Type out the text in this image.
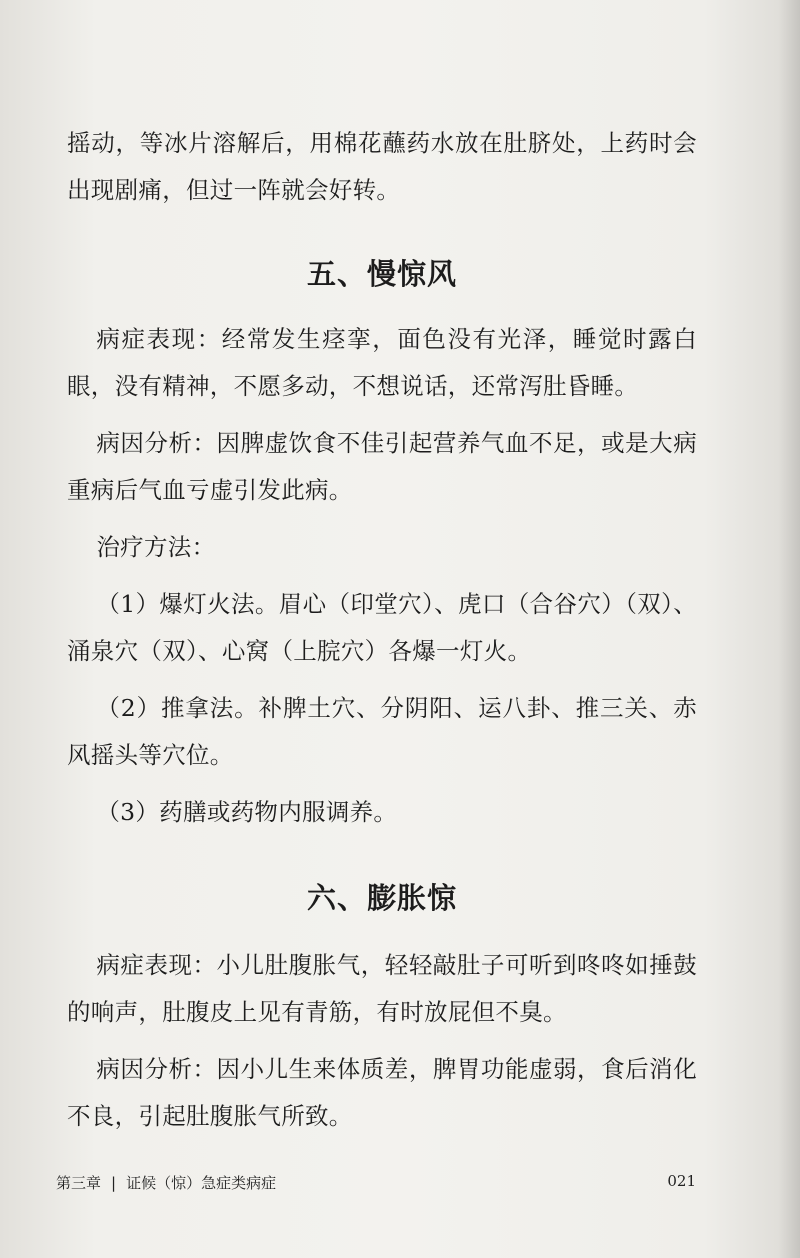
摇动，等冰片溶解后，用棉花蘸药水放在肚脐处，上药时会出现剧痛，但过一阵就会好转。

五、慢惊风

病症表现：经常发生痉挛，面色没有光泽，睡觉时露白眼，没有精神，不愿多动，不想说话，还常泻肚昏睡。

病因分析：因脾虚饮食不佳引起营养气血不足，或是大病重病后气血亏虚引发此病。

治疗方法：

（1）爆灯火法。眉心（印堂穴）、虎口（合谷穴）（双）、涌泉穴（双）、心窝（上脘穴）各爆一灯火。

（2）推拿法。补脾土穴、分阴阳、运八卦、推三关、赤风摇头等穴位。

（3）药膳或药物内服调养。

六、膨胀惊

病症表现：小儿肚腹胀气，轻轻敲肚子可听到咚咚如捶鼓的响声，肚腹皮上见有青筋，有时放屁但不臭。

病因分析：因小儿生来体质差，脾胃功能虚弱，食后消化不良，引起肚腹胀气所致。

第三章 | 证候（惊）急症类病症	021
